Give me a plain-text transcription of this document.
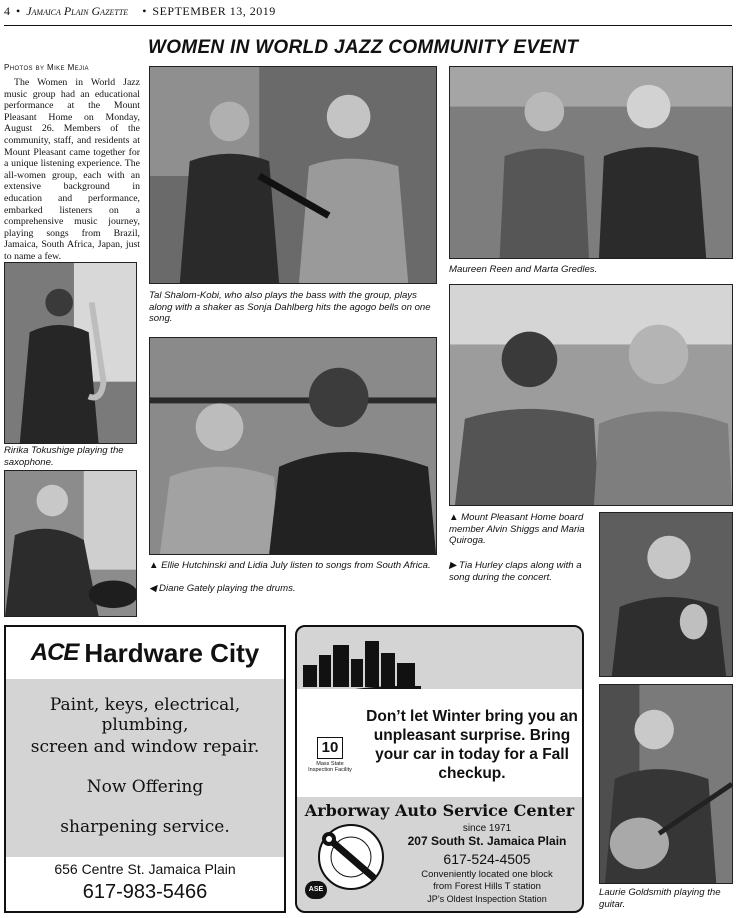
4 • Jamaica Plain Gazette • SEPTEMBER 13, 2019
WOMEN IN WORLD JAZZ COMMUNITY EVENT
Photos by Mike Mejia

The Women in World Jazz music group had an educational performance at the Mount Pleasant Home on Monday, August 26. Members of the community, staff, and residents at Mount Pleasant came together for a unique listening experience. The all-women group, each with an extensive background in education and performance, embarked listeners on a comprehensive music journey, playing songs from Brazil, Jamaica, South Africa, Japan, just to name a few.

Ririka Tokushige playing the saxophone.
Tal Shalom-Kobi, who also plays the bass with the group, plays along with a shaker as Sonja Dahlberg hits the agogo bells on one song.
Maureen Reen and Marta Gredles.
▲ Ellie Hutchinski and Lidia July listen to songs from South Africa.
◀ Diane Gately playing the drums.
▲ Mount Pleasant Home board member Alvin Shiggs and Maria Quiroga.
▶ Tia Hurley claps along with a song during the concert.
Laurie Goldsmith playing the guitar.
ACE Hardware City
Paint, keys, electrical, plumbing,
screen and window repair.
Now Offering
sharpening service.
656 Centre St. Jamaica Plain
617-983-5466
Don’t let Winter bring you an unpleasant surprise. Bring your car in today for a Fall checkup.
10
Mass State Inspection Facility
Arborway Auto Service Center
since 1971
207 South St. Jamaica Plain
617-524-4505
Conveniently located one block
from Forest Hills T station
JP’s Oldest Inspection Station
ASE
